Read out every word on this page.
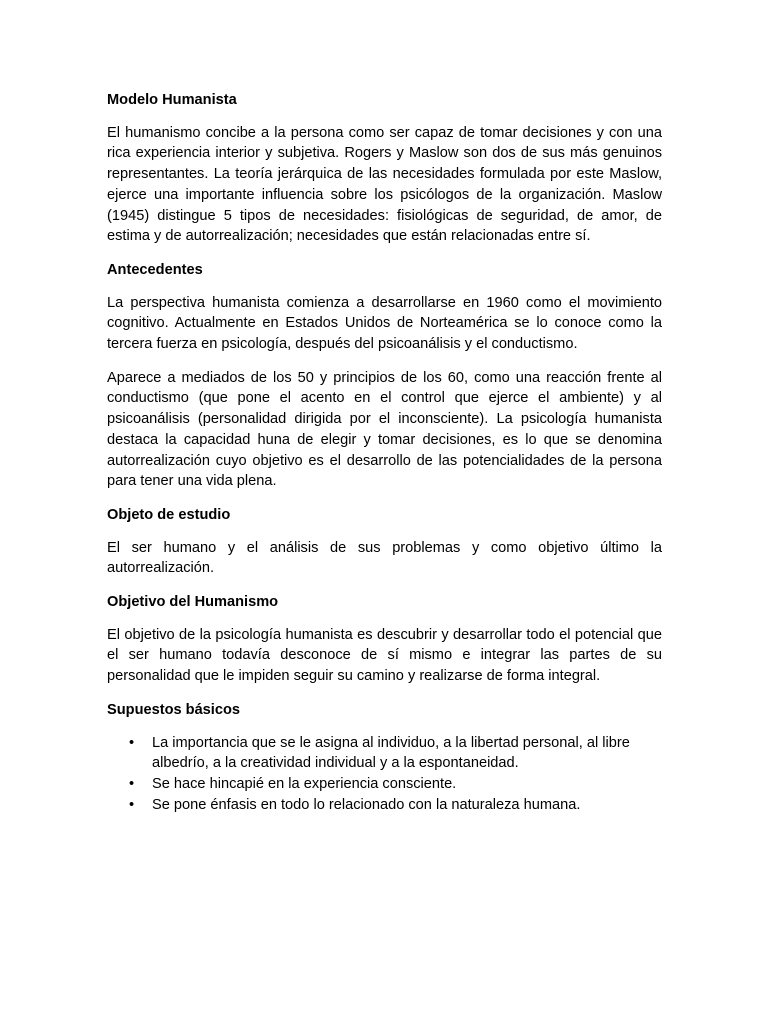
Modelo Humanista

El humanismo concibe a la persona como ser capaz de tomar decisiones y con una rica experiencia interior y subjetiva. Rogers y Maslow son dos de sus más genuinos representantes. La teoría jerárquica de las necesidades formulada por este Maslow, ejerce una importante influencia sobre los psicólogos de la organización. Maslow (1945) distingue 5 tipos de necesidades: fisiológicas de seguridad, de amor, de estima y de autorrealización; necesidades que están relacionadas entre sí.

Antecedentes

La perspectiva humanista comienza a desarrollarse en 1960 como el movimiento cognitivo. Actualmente en Estados Unidos de Norteamérica se lo conoce como la tercera fuerza en psicología, después del psicoanálisis y el conductismo.

Aparece a mediados de los 50 y principios de los 60, como una reacción frente al conductismo (que pone el acento en el control que ejerce el ambiente) y al psicoanálisis (personalidad dirigida por el inconsciente). La psicología humanista destaca la capacidad huna de elegir y tomar decisiones, es lo que se denomina autorrealización cuyo objetivo es el desarrollo de las potencialidades de la persona para tener una vida plena.

Objeto de estudio

El ser humano y el análisis de sus problemas y como objetivo último la autorrealización.

Objetivo del Humanismo

El objetivo de la psicología humanista es descubrir y desarrollar todo el potencial que el ser humano todavía desconoce de sí mismo e integrar las partes de su personalidad que le impiden seguir su camino y realizarse de forma integral.

Supuestos básicos

• La importancia que se le asigna al individuo, a la libertad personal, al libre albedrío, a la creatividad individual y a la espontaneidad.
• Se hace hincapié en la experiencia consciente.
• Se pone énfasis en todo lo relacionado con la naturaleza humana.
